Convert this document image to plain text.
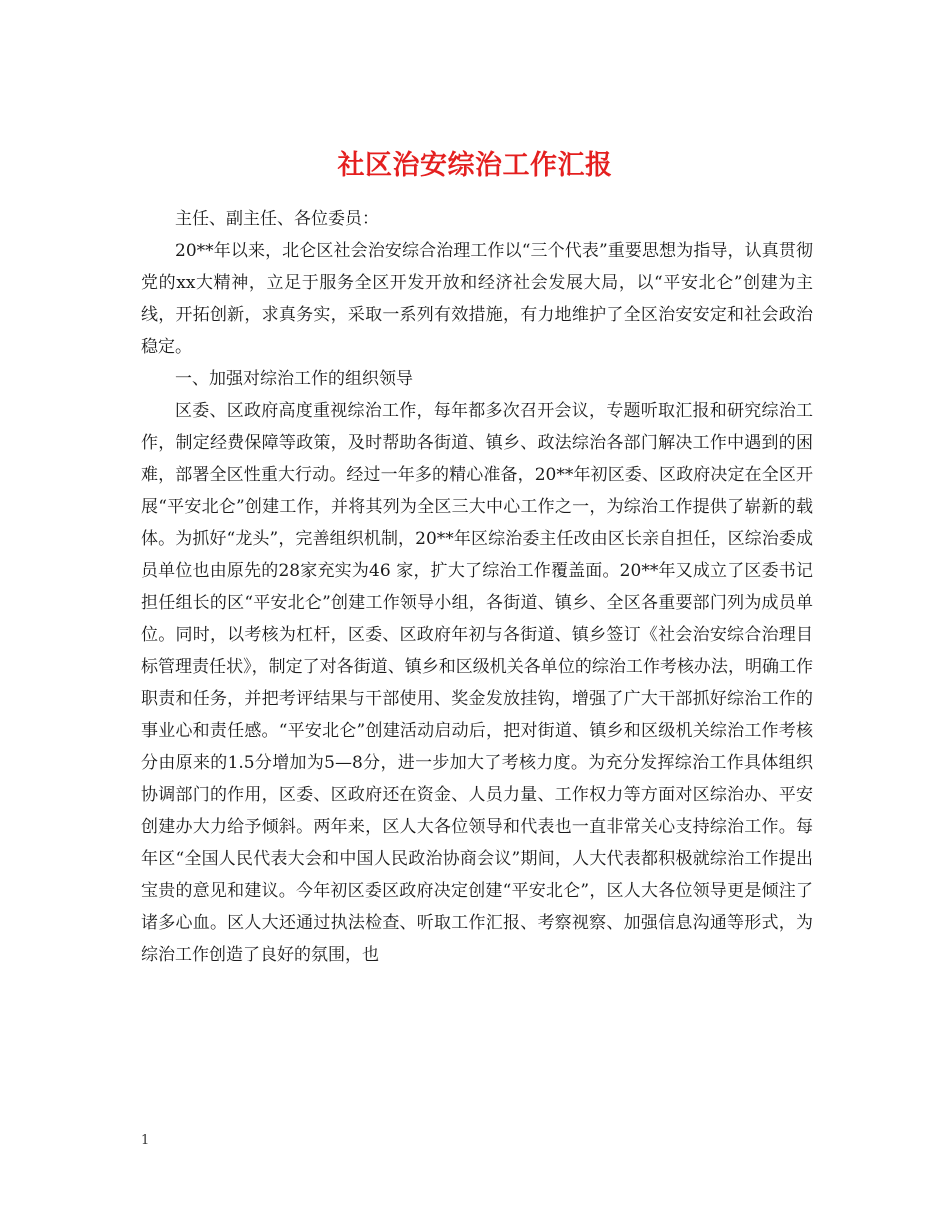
社区治安综治工作汇报

主任、副主任、各位委员：

20**年以来，北仑区社会治安综合治理工作以“三个代表”重要思想为指导，认真贯彻党的xx大精神，立足于服务全区开发开放和经济社会发展大局，以“平安北仑”创建为主线，开拓创新，求真务实，采取一系列有效措施，有力地维护了全区治安安定和社会政治稳定。

一、加强对综治工作的组织领导

区委、区政府高度重视综治工作，每年都多次召开会议，专题听取汇报和研究综治工作，制定经费保障等政策，及时帮助各街道、镇乡、政法综治各部门解决工作中遇到的困难，部署全区性重大行动。经过一年多的精心准备，20**年初区委、区政府决定在全区开展“平安北仑”创建工作，并将其列为全区三大中心工作之一，为综治工作提供了崭新的载体。为抓好“龙头”，完善组织机制，20**年区综治委主任改由区长亲自担任，区综治委成员单位也由原先的28家充实为46 家，扩大了综治工作覆盖面。20**年又成立了区委书记担任组长的区“平安北仑”创建工作领导小组，各街道、镇乡、全区各重要部门列为成员单位。同时，以考核为杠杆，区委、区政府年初与各街道、镇乡签订《社会治安综合治理目标管理责任状》，制定了对各街道、镇乡和区级机关各单位的综治工作考核办法，明确工作职责和任务，并把考评结果与干部使用、奖金发放挂钩，增强了广大干部抓好综治工作的事业心和责任感。“平安北仑”创建活动启动后，把对街道、镇乡和区级机关综治工作考核分由原来的1.5分增加为5—8分，进一步加大了考核力度。为充分发挥综治工作具体组织协调部门的作用，区委、区政府还在资金、人员力量、工作权力等方面对区综治办、平安创建办大力给予倾斜。两年来，区人大各位领导和代表也一直非常关心支持综治工作。每年区“全国人民代表大会和中国人民政治协商会议”期间，人大代表都积极就综治工作提出宝贵的意见和建议。今年初区委区政府决定创建“平安北仑”，区人大各位领导更是倾注了诸多心血。区人大还通过执法检查、听取工作汇报、考察视察、加强信息沟通等形式，为综治工作创造了良好的氛围，也

1
